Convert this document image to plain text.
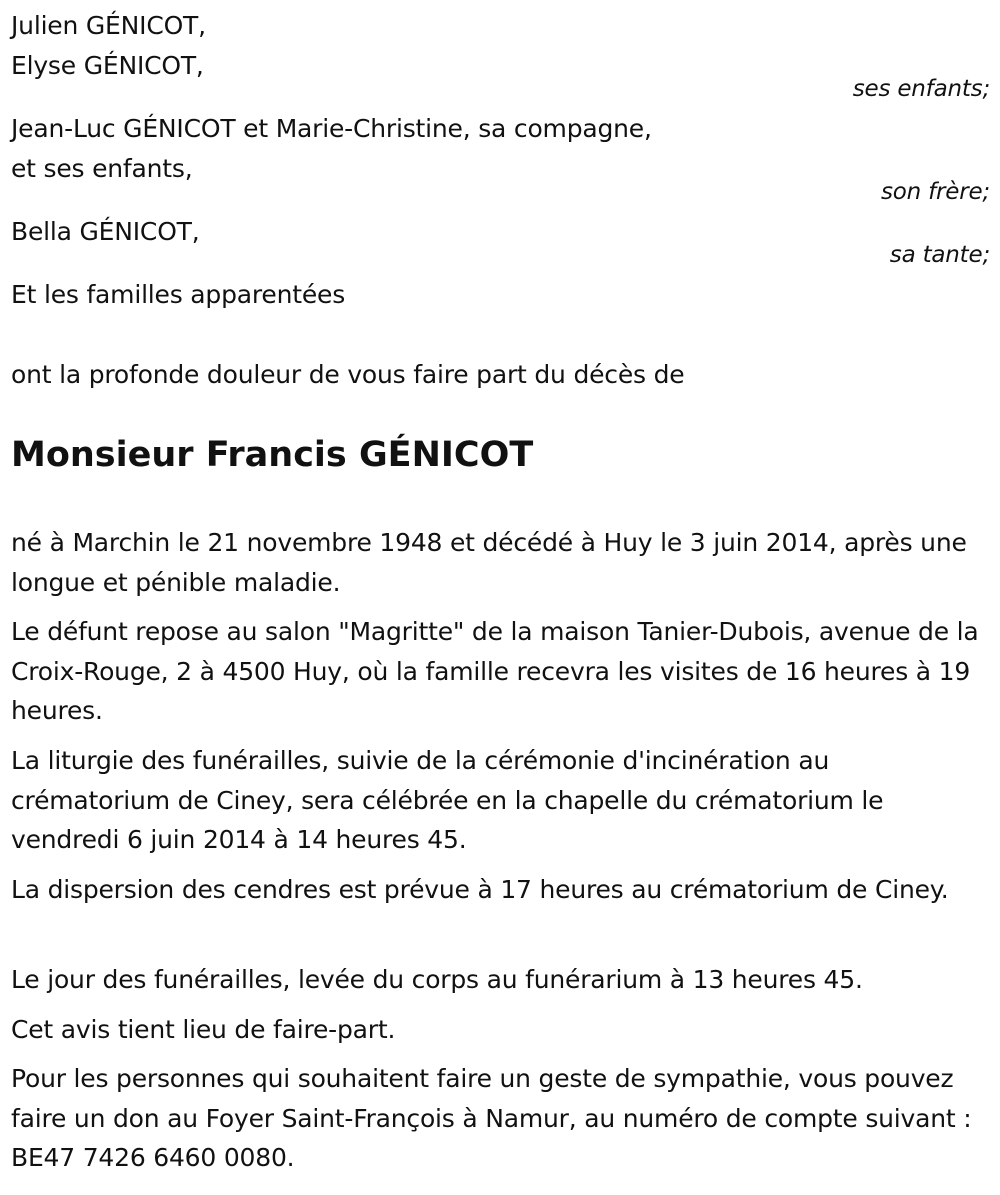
Julien GÉNICOT,
Elyse GÉNICOT,
ses enfants;
Jean-Luc GÉNICOT et Marie-Christine, sa compagne,
et ses enfants,
son frère;
Bella GÉNICOT,
sa tante;
Et les familles apparentées
ont la profonde douleur de vous faire part du décès de
Monsieur Francis GÉNICOT
né à Marchin le 21 novembre 1948 et décédé à Huy le 3 juin 2014, après une longue et pénible maladie.
Le défunt repose au salon "Magritte" de la maison Tanier-Dubois, avenue de la Croix-Rouge, 2 à 4500 Huy, où la famille recevra les visites de 16 heures à 19 heures.
La liturgie des funérailles, suivie de la cérémonie d'incinération au crématorium de Ciney, sera célébrée en la chapelle du crématorium le vendredi 6 juin 2014 à 14 heures 45.
La dispersion des cendres est prévue à 17 heures au crématorium de Ciney.
Le jour des funérailles, levée du corps au funérarium à 13 heures 45.
Cet avis tient lieu de faire-part.
Pour les personnes qui souhaitent faire un geste de sympathie, vous pouvez faire un don au Foyer Saint-François à Namur, au numéro de compte suivant : BE47 7426 6460 0080.
